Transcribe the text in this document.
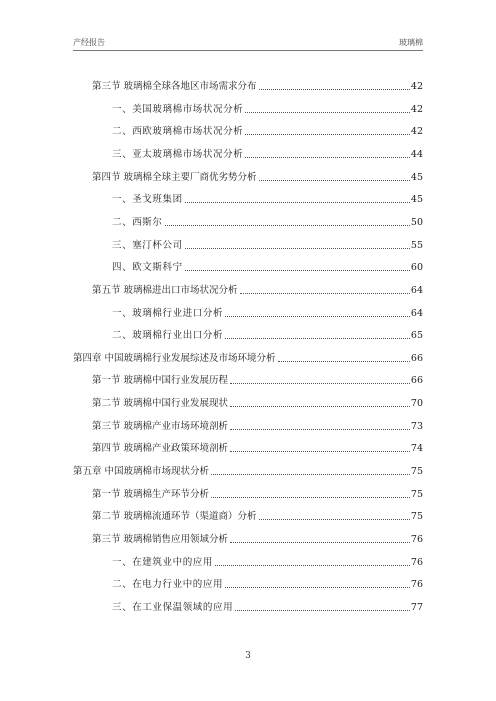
产经报告	玻璃棉
第三节 玻璃棉全球各地区市场需求分布	42
一、美国玻璃棉市场状况分析	42
二、西欧玻璃棉市场状况分析	42
三、亚太玻璃棉市场状况分析	44
第四节 玻璃棉全球主要厂商优劣势分析	45
一、圣戈班集团	45
二、西斯尔	50
三、塞汀杯公司	55
四、欧文斯科宁	60
第五节 玻璃棉进出口市场状况分析	64
一、玻璃棉行业进口分析	64
二、玻璃棉行业出口分析	65
第四章 中国玻璃棉行业发展综述及市场环境分析	66
第一节 玻璃棉中国行业发展历程	66
第二节 玻璃棉中国行业发展现状	70
第三节 玻璃棉产业市场环境剖析	73
第四节 玻璃棉产业政策环境剖析	74
第五章 中国玻璃棉市场现状分析	75
第一节 玻璃棉生产环节分析	75
第二节 玻璃棉流通环节（渠道商）分析	75
第三节 玻璃棉销售应用领域分析	76
一、在建筑业中的应用	76
二、在电力行业中的应用	76
三、在工业保温领域的应用	77
3
